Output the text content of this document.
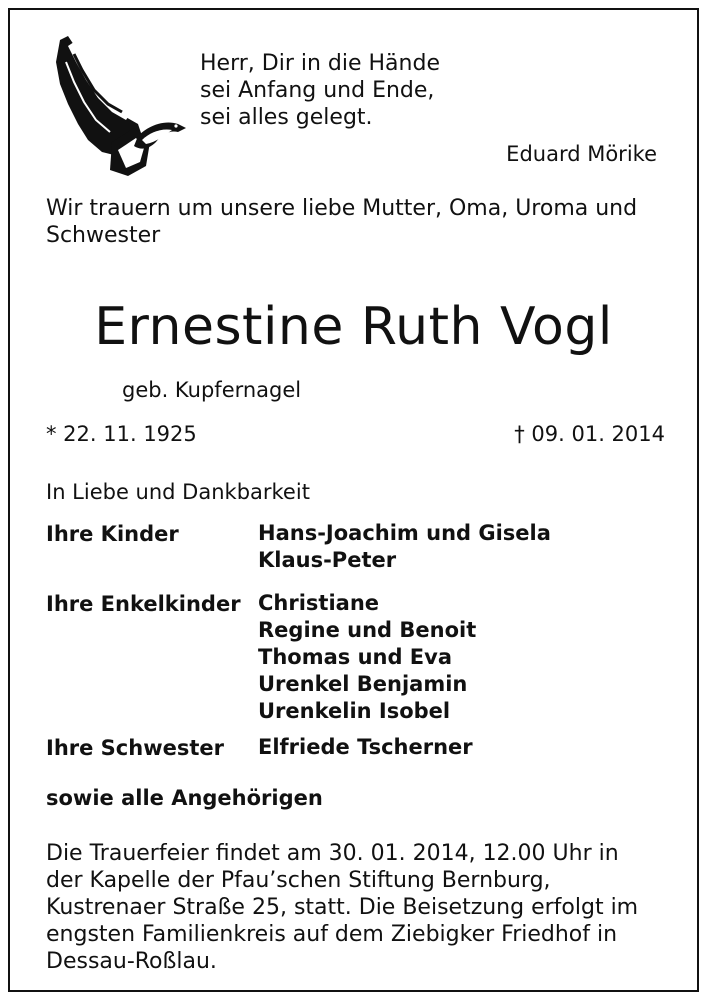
Herr, Dir in die Hände
sei Anfang und Ende,
sei alles gelegt.
Eduard Mörike
Wir trauern um unsere liebe Mutter, Oma, Uroma und
Schwester
Ernestine Ruth Vogl
geb. Kupfernagel
* 22. 11. 1925	† 09. 01. 2014
In Liebe und Dankbarkeit
Ihre Kinder	Hans-Joachim und Gisela
Klaus-Peter
Ihre Enkelkinder Christiane
Regine und Benoit
Thomas und Eva
Urenkel Benjamin
Urenkelin Isobel
Ihre Schwester Elfriede Tscherner
sowie alle Angehörigen
Die Trauerfeier findet am 30. 01. 2014, 12.00 Uhr in
der Kapelle der Pfau’schen Stiftung Bernburg,
Kustrenaer Straße 25, statt. Die Beisetzung erfolgt im
engsten Familienkreis auf dem Ziebigker Friedhof in
Dessau-Roßlau.
